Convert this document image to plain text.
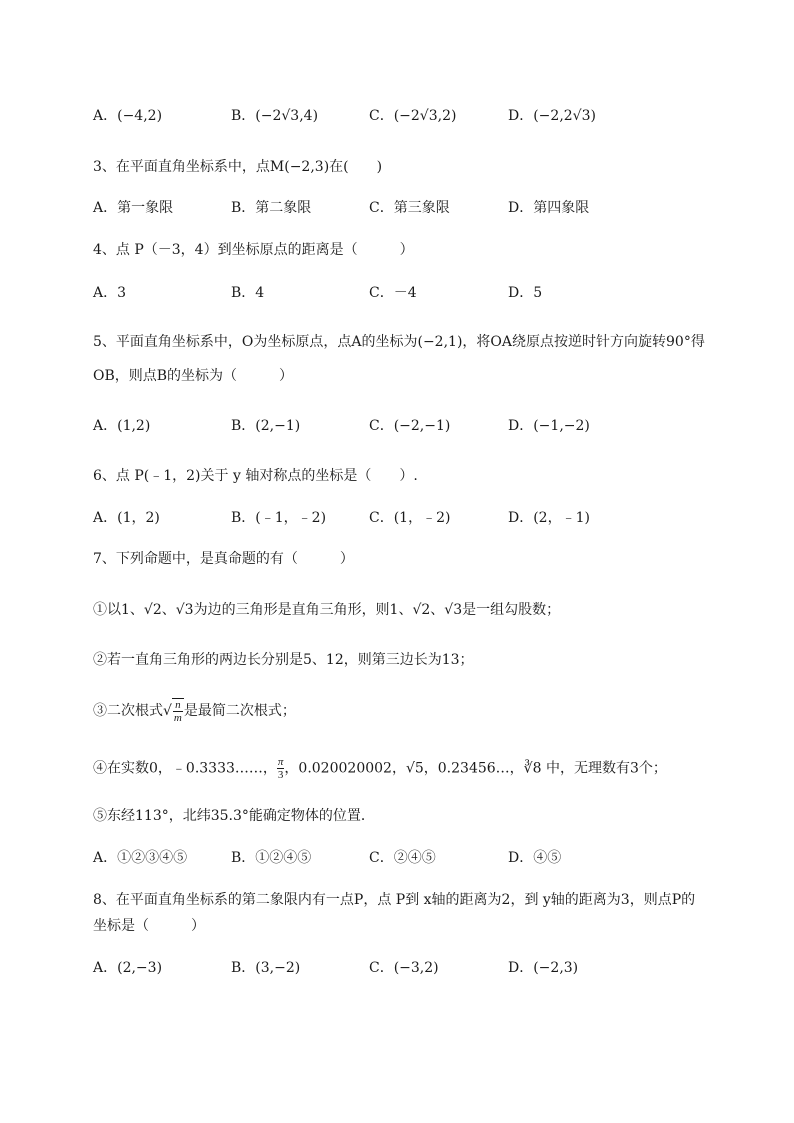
A．(−4,2)	B．(−2√3,4)	C．(−2√3,2)	D．(−2,2√3)
3、在平面直角坐标系中，点M(−2,3)在(　　)
A．第一象限	B．第二象限	C．第三象限	D．第四象限
4、点 P（－3，4）到坐标原点的距离是（　　　）
A．3	B．4	C．－4	D．5
5、平面直角坐标系中，O为坐标原点，点A的坐标为(−2,1)，将OA绕原点按逆时针方向旋转90°得
OB，则点B的坐标为（　　　）
A．(1,2)	B．(2,−1)	C．(−2,−1)	D．(−1,−2)
6、点 P(﹣1，2)关于 y 轴对称点的坐标是（　　）.
A．(1，2)	B．(﹣1，﹣2)	C．(1，﹣2)	D．(2，﹣1)
7、下列命题中，是真命题的有（　　　）
①以1、√2、√3为边的三角形是直角三角形，则1、√2、√3是一组勾股数；
②若一直角三角形的两边长分别是5、12，则第三边长为13；
③二次根式√ $\frac{n}{m}$ 是最简二次根式；
④在实数0，﹣0.3333……， $\frac{\pi}{3}$ ，0.020020002，√5，0.23456…，∛8 中，无理数有3个；
⑤东经113°，北纬35.3°能确定物体的位置．
A．①②③④⑤	B．①②④⑤	C．②④⑤	D．④⑤
8、在平面直角坐标系的第二象限内有一点P，点 P到 x轴的距离为2，到 y轴的距离为3，则点P的
坐标是（　　　）
A．(2,−3)	B．(3,−2)	C．(−3,2)	D．(−2,3)
